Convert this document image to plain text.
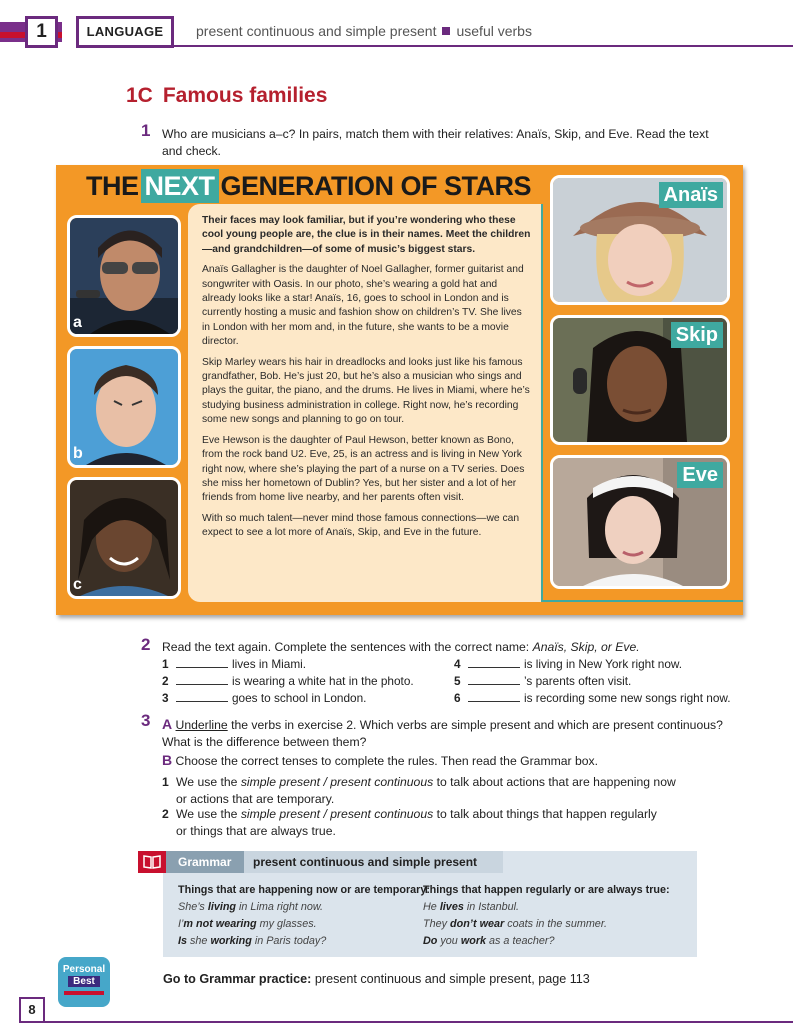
1	LANGUAGE	present continuous and simple present useful verbs
1C Famous families
1 Who are musicians a–c? In pairs, match them with their relatives: Anaïs, Skip, and Eve. Read the text and check.
THE NEXT GENERATION OF STARS
a
b
c

Their faces may look familiar, but if you’re wondering who these cool young people are, the clue is in their names. Meet the children—and grandchildren—of some of music’s biggest stars.

Anaïs Gallagher is the daughter of Noel Gallagher, former guitarist and songwriter with Oasis. In our photo, she’s wearing a gold hat and already looks like a star! Anaïs, 16, goes to school in London and is currently hosting a music and fashion show on children’s TV. She lives in London with her mom and, in the future, she wants to be a movie director.

Skip Marley wears his hair in dreadlocks and looks just like his famous grandfather, Bob. He’s just 20, but he’s also a musician who sings and plays the guitar, the piano, and the drums. He lives in Miami, where he’s studying business administration in college. Right now, he’s recording some new songs and planning to go on tour.

Eve Hewson is the daughter of Paul Hewson, better known as Bono, from the rock band U2. Eve, 25, is an actress and is living in New York right now, where she’s playing the part of a nurse on a TV series. Does she miss her hometown of Dublin? Yes, but her sister and a lot of her friends from home live nearby, and her parents often visit.

With so much talent—never mind those famous connections—we can expect to see a lot more of Anaïs, Skip, and Eve in the future.

Anaïs
Skip
Eve
2 Read the text again. Complete the sentences with the correct name: Anaïs, Skip, or Eve.
1	lives in Miami.
2	is wearing a white hat in the photo.
3	goes to school in London.
4	is living in New York right now.
5	’s parents often visit.
6	is recording some new songs right now.
3 A Underline the verbs in exercise 2. Which verbs are simple present and which are present continuous? What is the difference between them?
B Choose the correct tenses to complete the rules. Then read the Grammar box.
1 We use the simple present / present continuous to talk about actions that are happening now
or actions that are temporary.
2 We use the simple present / present continuous to talk about things that happen regularly
or things that are always true.
Grammar	present continuous and simple present
Things that are happening now or are temporary:
She’s living in Lima right now.
I’m not wearing my glasses.
Is she working in Paris today?
Things that happen regularly or are always true:
He lives in Istanbul.
They don’t wear coats in the summer.
Do you work as a teacher?
Personal
Best	Go to Grammar practice: present continuous and simple present, page 113
8
